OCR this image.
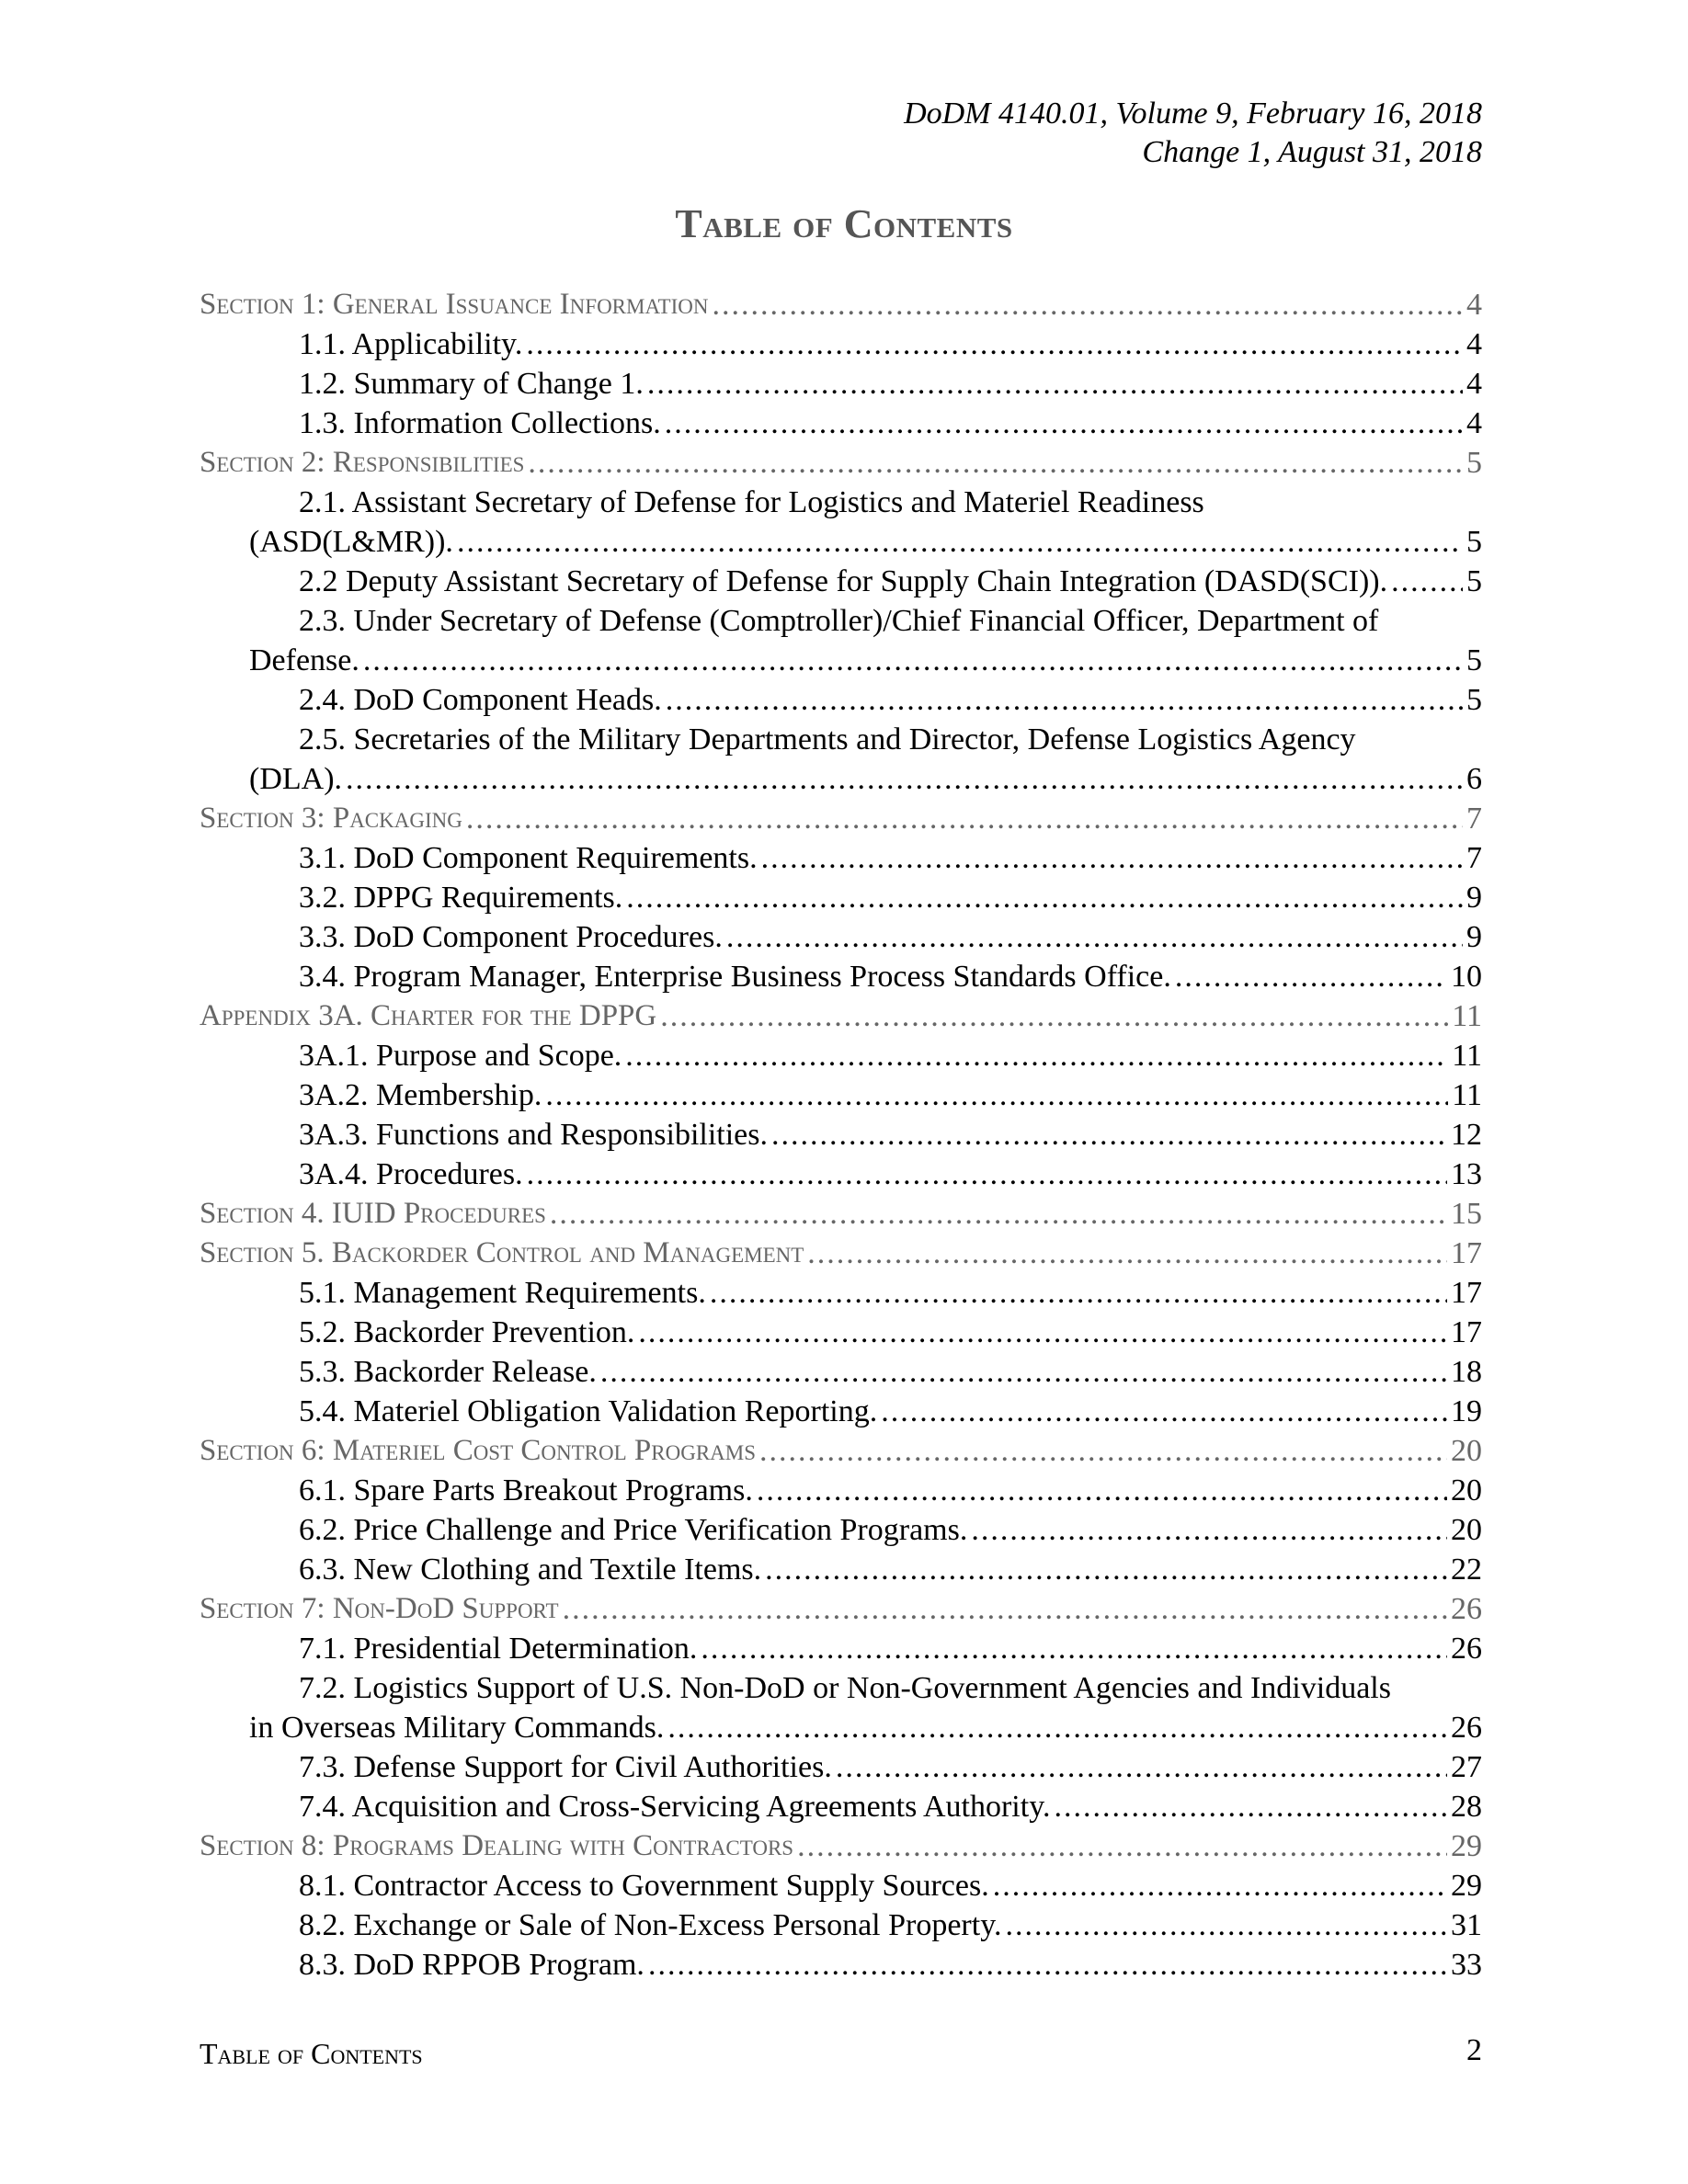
DoDM 4140.01, Volume 9, February 16, 2018
Change 1, August 31, 2018
Table of Contents
Section 1: General Issuance Information .....	4
1.1. Applicability. .....	4
1.2. Summary of Change 1. .....	4
1.3. Information Collections. .....	4
Section 2: Responsibilities .....	5
2.1. Assistant Secretary of Defense for Logistics and Materiel Readiness
(ASD(L&MR)). .....	5
2.2 Deputy Assistant Secretary of Defense for Supply Chain Integration (DASD(SCI)). .....	5
2.3. Under Secretary of Defense (Comptroller)/Chief Financial Officer, Department of
Defense. .....	5
2.4. DoD Component Heads. .....	5
2.5. Secretaries of the Military Departments and Director, Defense Logistics Agency
(DLA). .....	6
Section 3: Packaging .....	7
3.1. DoD Component Requirements. .....	7
3.2. DPPG Requirements. .....	9
3.3. DoD Component Procedures. .....	9
3.4. Program Manager, Enterprise Business Process Standards Office. .....	10
Appendix 3A. Charter for the DPPG .....	11
3A.1. Purpose and Scope. .....	11
3A.2. Membership. .....	11
3A.3. Functions and Responsibilities. .....	12
3A.4. Procedures. .....	13
Section 4. IUID Procedures .....	15
Section 5. Backorder Control and Management .....	17
5.1. Management Requirements. .....	17
5.2. Backorder Prevention. .....	17
5.3. Backorder Release. .....	18
5.4. Materiel Obligation Validation Reporting. .....	19
Section 6: Materiel Cost Control Programs .....	20
6.1. Spare Parts Breakout Programs. .....	20
6.2. Price Challenge and Price Verification Programs. .....	20
6.3. New Clothing and Textile Items. .....	22
Section 7: Non-DoD Support .....	26
7.1. Presidential Determination. .....	26
7.2. Logistics Support of U.S. Non-DoD or Non-Government Agencies and Individuals
in Overseas Military Commands. .....	26
7.3. Defense Support for Civil Authorities. .....	27
7.4. Acquisition and Cross-Servicing Agreements Authority. .....	28
Section 8: Programs Dealing with Contractors .....	29
8.1. Contractor Access to Government Supply Sources. .....	29
8.2. Exchange or Sale of Non-Excess Personal Property. .....	31
8.3. DoD RPPOB Program. .....	33
Table of Contents	2
